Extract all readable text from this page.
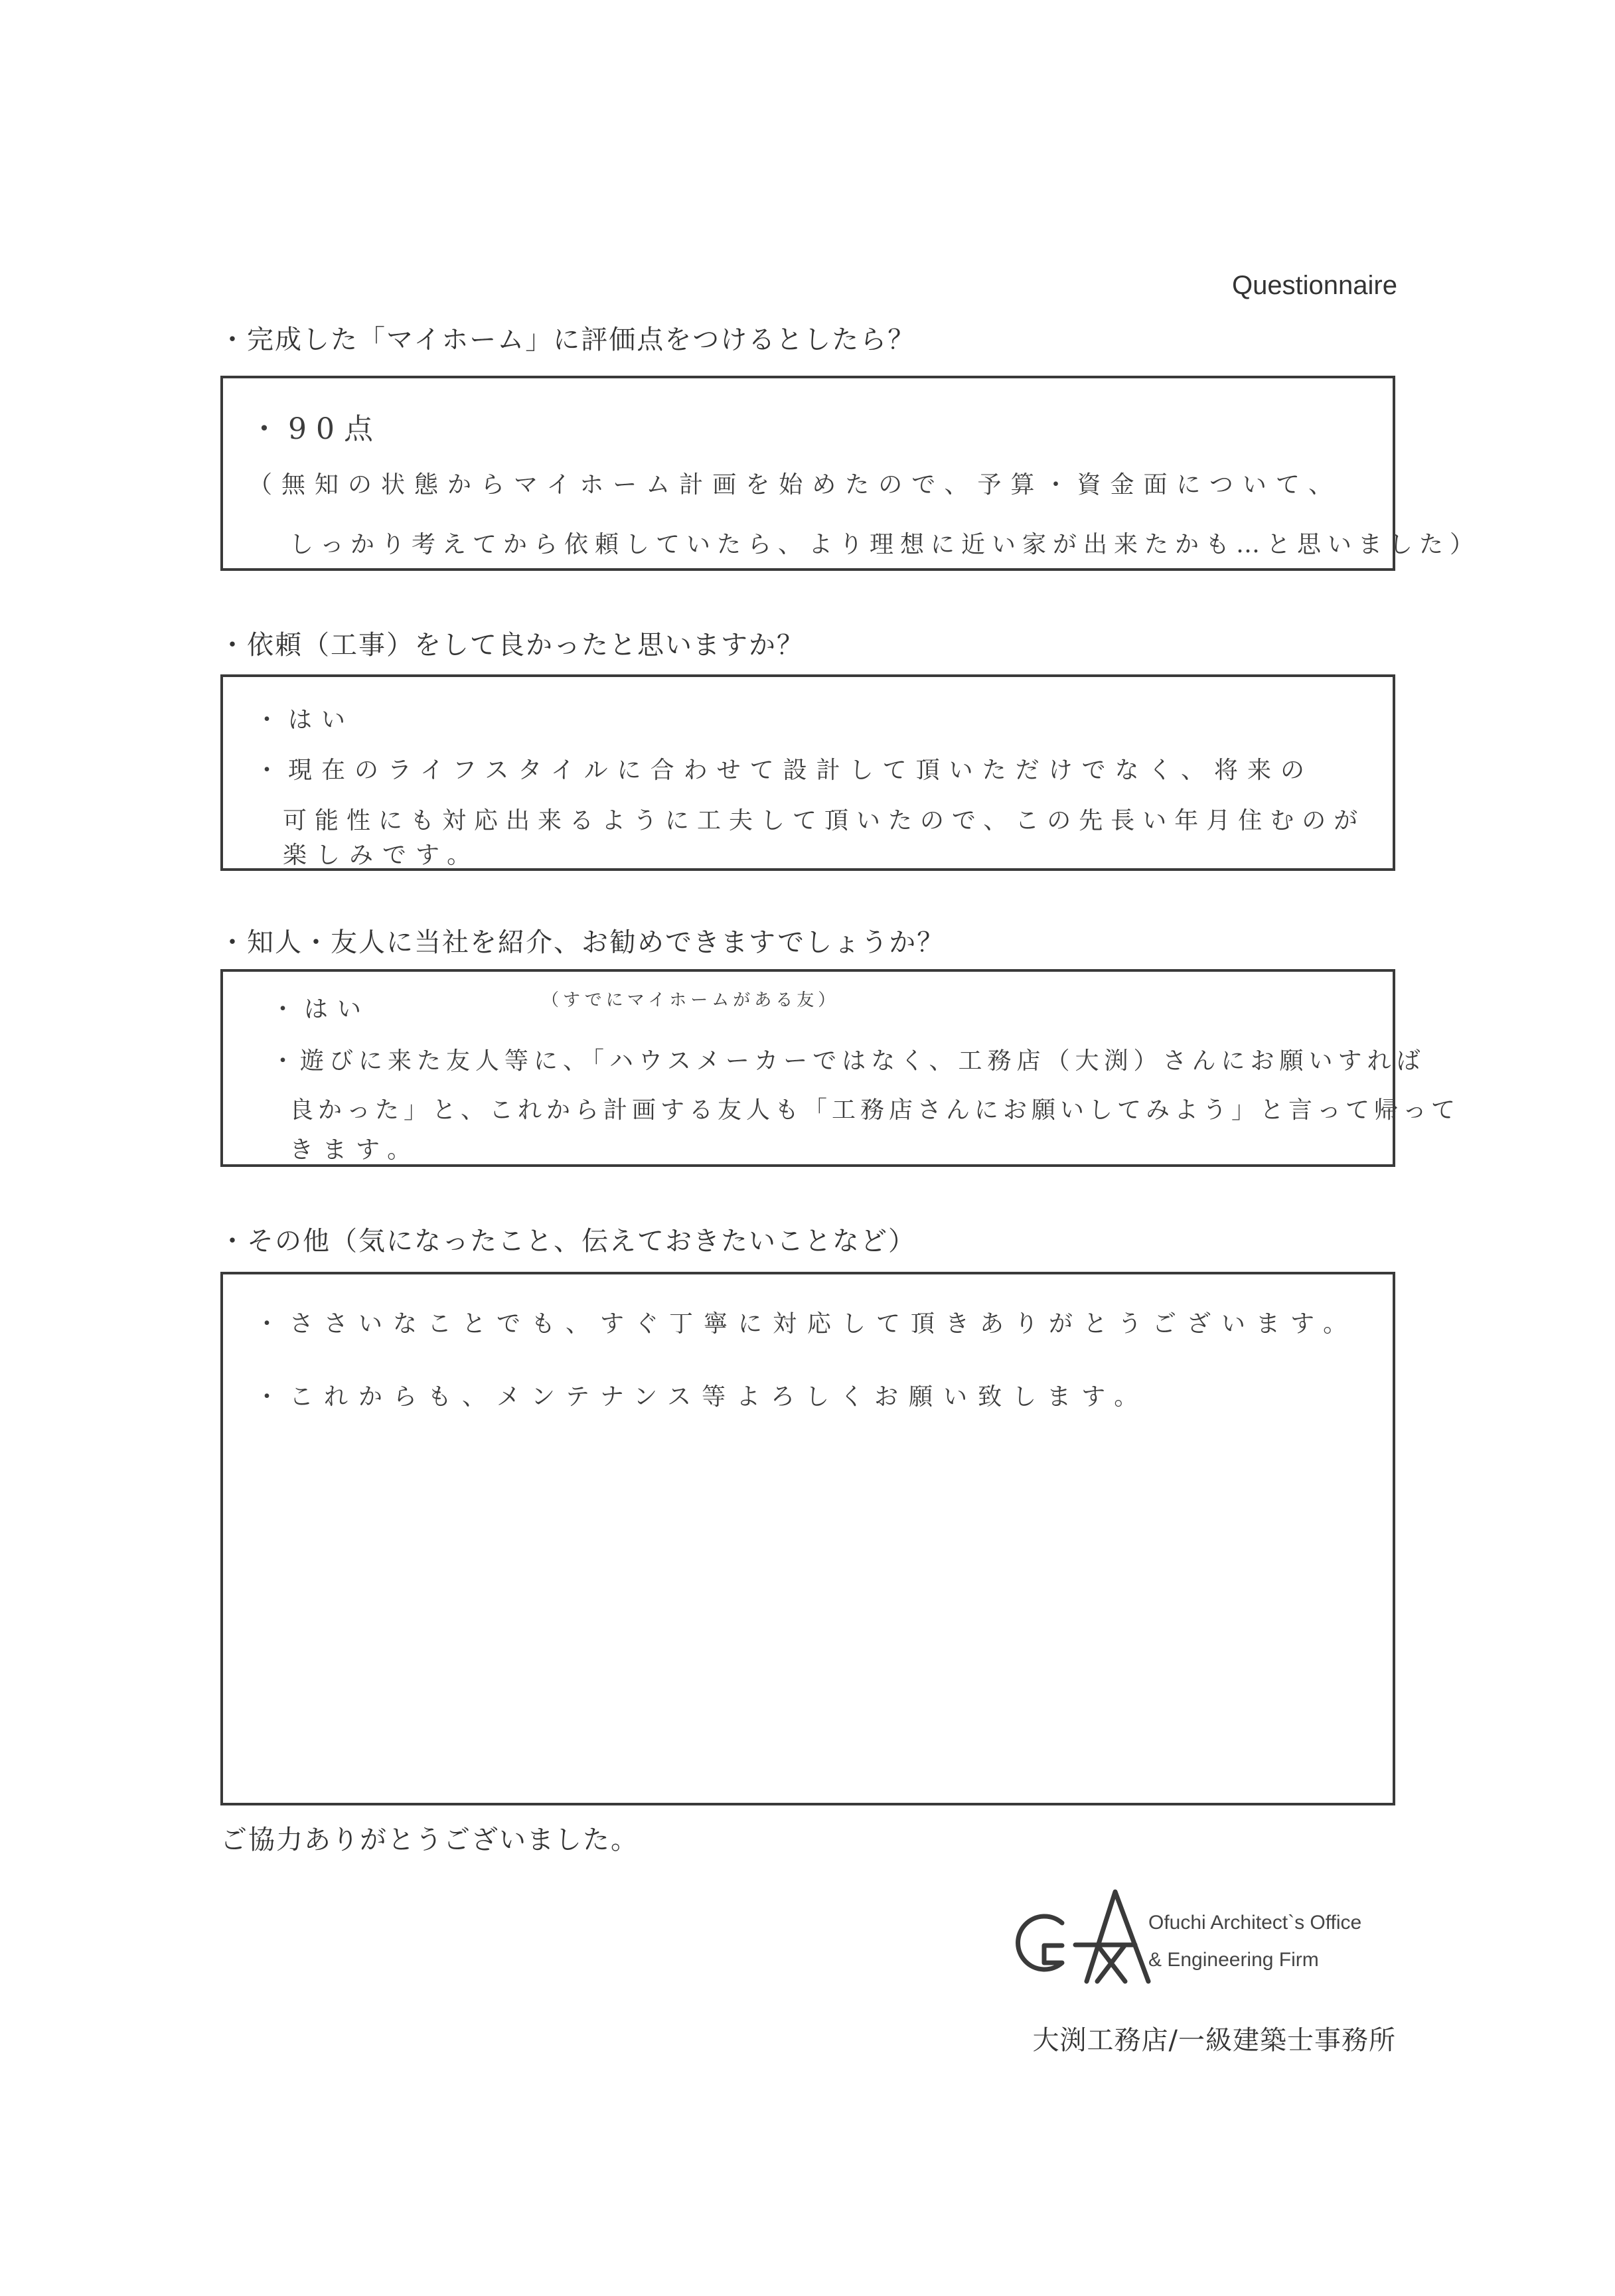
Questionnaire
・完成した「マイホーム」に評価点をつけるとしたら？
・90点
（無知の状態からマイホーム計画を始めたので、予算・資金面について、
しっかり考えてから依頼していたら、より理想に近い家が出来たかも…と思いました）
・依頼（工事）をして良かったと思いますか？
・はい
・現在のライフスタイルに合わせて設計して頂いただけでなく、将来の
可能性にも対応出来るように工夫して頂いたので、この先長い年月住むのが
楽しみです。
・知人・友人に当社を紹介、お勧めできますでしょうか？
・はい	（すでにマイホームがある友）
・遊びに来た友人等に、「ハウスメーカーではなく、工務店（大渕）さんにお願いすれば
良かった」と、これから計画する友人も「工務店さんにお願いしてみよう」と言って帰って
きます。
・その他（気になったこと、伝えておきたいことなど）
・ささいなことでも、すぐ丁寧に対応して頂きありがとうございます。
・これからも、メンテナンス等よろしくお願い致します。
ご協力ありがとうございました。
Ofuchi Architect`s Office
& Engineering Firm
大渕工務店/一級建築士事務所
